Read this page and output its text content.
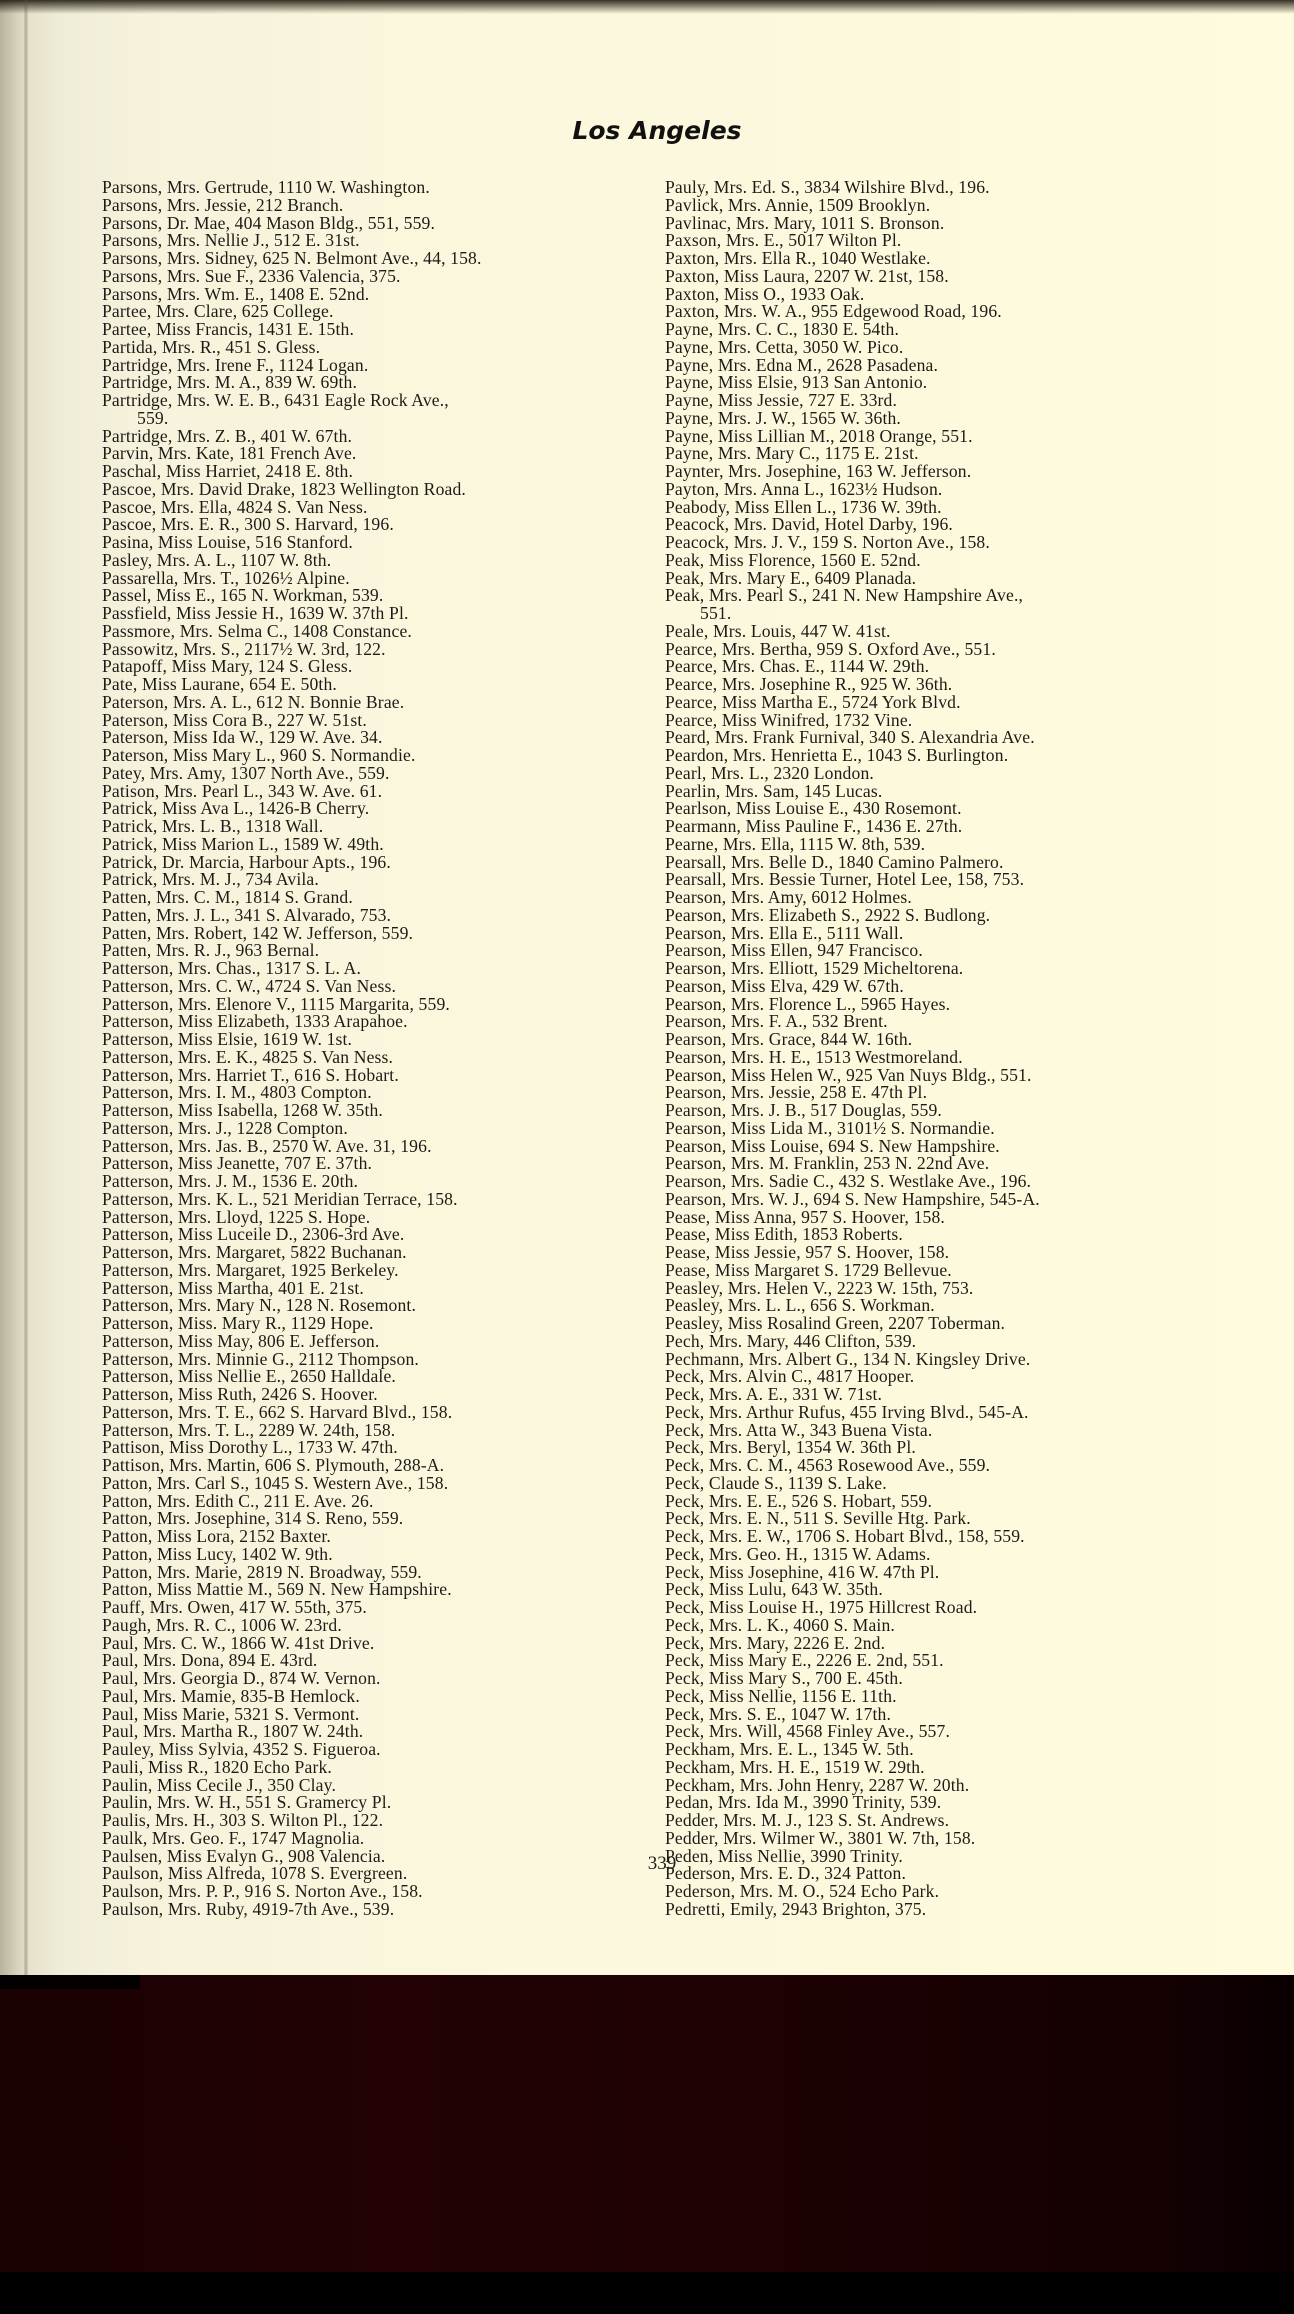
Los Angeles
Parsons, Mrs. Gertrude, 1110 W. Washington.
Parsons, Mrs. Jessie, 212 Branch.
Parsons, Dr. Mae, 404 Mason Bldg., 551, 559.
Parsons, Mrs. Nellie J., 512 E. 31st.
Parsons, Mrs. Sidney, 625 N. Belmont Ave., 44, 158.
Parsons, Mrs. Sue F., 2336 Valencia, 375.
Parsons, Mrs. Wm. E., 1408 E. 52nd.
Partee, Mrs. Clare, 625 College.
Partee, Miss Francis, 1431 E. 15th.
Partida, Mrs. R., 451 S. Gless.
Partridge, Mrs. Irene F., 1124 Logan.
Partridge, Mrs. M. A., 839 W. 69th.
Partridge, Mrs. W. E. B., 6431 Eagle Rock Ave.,
559.
Partridge, Mrs. Z. B., 401 W. 67th.
Parvin, Mrs. Kate, 181 French Ave.
Paschal, Miss Harriet, 2418 E. 8th.
Pascoe, Mrs. David Drake, 1823 Wellington Road.
Pascoe, Mrs. Ella, 4824 S. Van Ness.
Pascoe, Mrs. E. R., 300 S. Harvard, 196.
Pasina, Miss Louise, 516 Stanford.
Pasley, Mrs. A. L., 1107 W. 8th.
Passarella, Mrs. T., 1026½ Alpine.
Passel, Miss E., 165 N. Workman, 539.
Passfield, Miss Jessie H., 1639 W. 37th Pl.
Passmore, Mrs. Selma C., 1408 Constance.
Passowitz, Mrs. S., 2117½ W. 3rd, 122.
Patapoff, Miss Mary, 124 S. Gless.
Pate, Miss Laurane, 654 E. 50th.
Paterson, Mrs. A. L., 612 N. Bonnie Brae.
Paterson, Miss Cora B., 227 W. 51st.
Paterson, Miss Ida W., 129 W. Ave. 34.
Paterson, Miss Mary L., 960 S. Normandie.
Patey, Mrs. Amy, 1307 North Ave., 559.
Patison, Mrs. Pearl L., 343 W. Ave. 61.
Patrick, Miss Ava L., 1426-B Cherry.
Patrick, Mrs. L. B., 1318 Wall.
Patrick, Miss Marion L., 1589 W. 49th.
Patrick, Dr. Marcia, Harbour Apts., 196.
Patrick, Mrs. M. J., 734 Avila.
Patten, Mrs. C. M., 1814 S. Grand.
Patten, Mrs. J. L., 341 S. Alvarado, 753.
Patten, Mrs. Robert, 142 W. Jefferson, 559.
Patten, Mrs. R. J., 963 Bernal.
Patterson, Mrs. Chas., 1317 S. L. A.
Patterson, Mrs. C. W., 4724 S. Van Ness.
Patterson, Mrs. Elenore V., 1115 Margarita, 559.
Patterson, Miss Elizabeth, 1333 Arapahoe.
Patterson, Miss Elsie, 1619 W. 1st.
Patterson, Mrs. E. K., 4825 S. Van Ness.
Patterson, Mrs. Harriet T., 616 S. Hobart.
Patterson, Mrs. I. M., 4803 Compton.
Patterson, Miss Isabella, 1268 W. 35th.
Patterson, Mrs. J., 1228 Compton.
Patterson, Mrs. Jas. B., 2570 W. Ave. 31, 196.
Patterson, Miss Jeanette, 707 E. 37th.
Patterson, Mrs. J. M., 1536 E. 20th.
Patterson, Mrs. K. L., 521 Meridian Terrace, 158.
Patterson, Mrs. Lloyd, 1225 S. Hope.
Patterson, Miss Luceile D., 2306-3rd Ave.
Patterson, Mrs. Margaret, 5822 Buchanan.
Patterson, Mrs. Margaret, 1925 Berkeley.
Patterson, Miss Martha, 401 E. 21st.
Patterson, Mrs. Mary N., 128 N. Rosemont.
Patterson, Miss. Mary R., 1129 Hope.
Patterson, Miss May, 806 E. Jefferson.
Patterson, Mrs. Minnie G., 2112 Thompson.
Patterson, Miss Nellie E., 2650 Halldale.
Patterson, Miss Ruth, 2426 S. Hoover.
Patterson, Mrs. T. E., 662 S. Harvard Blvd., 158.
Patterson, Mrs. T. L., 2289 W. 24th, 158.
Pattison, Miss Dorothy L., 1733 W. 47th.
Pattison, Mrs. Martin, 606 S. Plymouth, 288-A.
Patton, Mrs. Carl S., 1045 S. Western Ave., 158.
Patton, Mrs. Edith C., 211 E. Ave. 26.
Patton, Mrs. Josephine, 314 S. Reno, 559.
Patton, Miss Lora, 2152 Baxter.
Patton, Miss Lucy, 1402 W. 9th.
Patton, Mrs. Marie, 2819 N. Broadway, 559.
Patton, Miss Mattie M., 569 N. New Hampshire.
Pauff, Mrs. Owen, 417 W. 55th, 375.
Paugh, Mrs. R. C., 1006 W. 23rd.
Paul, Mrs. C. W., 1866 W. 41st Drive.
Paul, Mrs. Dona, 894 E. 43rd.
Paul, Mrs. Georgia D., 874 W. Vernon.
Paul, Mrs. Mamie, 835-B Hemlock.
Paul, Miss Marie, 5321 S. Vermont.
Paul, Mrs. Martha R., 1807 W. 24th.
Pauley, Miss Sylvia, 4352 S. Figueroa.
Pauli, Miss R., 1820 Echo Park.
Paulin, Miss Cecile J., 350 Clay.
Paulin, Mrs. W. H., 551 S. Gramercy Pl.
Paulis, Mrs. H., 303 S. Wilton Pl., 122.
Paulk, Mrs. Geo. F., 1747 Magnolia.
Paulsen, Miss Evalyn G., 908 Valencia.
Paulson, Miss Alfreda, 1078 S. Evergreen.
Paulson, Mrs. P. P., 916 S. Norton Ave., 158.
Paulson, Mrs. Ruby, 4919-7th Ave., 539.
Pauly, Mrs. Ed. S., 3834 Wilshire Blvd., 196.
Pavlick, Mrs. Annie, 1509 Brooklyn.
Pavlinac, Mrs. Mary, 1011 S. Bronson.
Paxson, Mrs. E., 5017 Wilton Pl.
Paxton, Mrs. Ella R., 1040 Westlake.
Paxton, Miss Laura, 2207 W. 21st, 158.
Paxton, Miss O., 1933 Oak.
Paxton, Mrs. W. A., 955 Edgewood Road, 196.
Payne, Mrs. C. C., 1830 E. 54th.
Payne, Mrs. Cetta, 3050 W. Pico.
Payne, Mrs. Edna M., 2628 Pasadena.
Payne, Miss Elsie, 913 San Antonio.
Payne, Miss Jessie, 727 E. 33rd.
Payne, Mrs. J. W., 1565 W. 36th.
Payne, Miss Lillian M., 2018 Orange, 551.
Payne, Mrs. Mary C., 1175 E. 21st.
Paynter, Mrs. Josephine, 163 W. Jefferson.
Payton, Mrs. Anna L., 1623½ Hudson.
Peabody, Miss Ellen L., 1736 W. 39th.
Peacock, Mrs. David, Hotel Darby, 196.
Peacock, Mrs. J. V., 159 S. Norton Ave., 158.
Peak, Miss Florence, 1560 E. 52nd.
Peak, Mrs. Mary E., 6409 Planada.
Peak, Mrs. Pearl S., 241 N. New Hampshire Ave.,
551.
Peale, Mrs. Louis, 447 W. 41st.
Pearce, Mrs. Bertha, 959 S. Oxford Ave., 551.
Pearce, Mrs. Chas. E., 1144 W. 29th.
Pearce, Mrs. Josephine R., 925 W. 36th.
Pearce, Miss Martha E., 5724 York Blvd.
Pearce, Miss Winifred, 1732 Vine.
Peard, Mrs. Frank Furnival, 340 S. Alexandria Ave.
Peardon, Mrs. Henrietta E., 1043 S. Burlington.
Pearl, Mrs. L., 2320 London.
Pearlin, Mrs. Sam, 145 Lucas.
Pearlson, Miss Louise E., 430 Rosemont.
Pearmann, Miss Pauline F., 1436 E. 27th.
Pearne, Mrs. Ella, 1115 W. 8th, 539.
Pearsall, Mrs. Belle D., 1840 Camino Palmero.
Pearsall, Mrs. Bessie Turner, Hotel Lee, 158, 753.
Pearson, Mrs. Amy, 6012 Holmes.
Pearson, Mrs. Elizabeth S., 2922 S. Budlong.
Pearson, Mrs. Ella E., 5111 Wall.
Pearson, Miss Ellen, 947 Francisco.
Pearson, Mrs. Elliott, 1529 Micheltorena.
Pearson, Miss Elva, 429 W. 67th.
Pearson, Mrs. Florence L., 5965 Hayes.
Pearson, Mrs. F. A., 532 Brent.
Pearson, Mrs. Grace, 844 W. 16th.
Pearson, Mrs. H. E., 1513 Westmoreland.
Pearson, Miss Helen W., 925 Van Nuys Bldg., 551.
Pearson, Mrs. Jessie, 258 E. 47th Pl.
Pearson, Mrs. J. B., 517 Douglas, 559.
Pearson, Miss Lida M., 3101½ S. Normandie.
Pearson, Miss Louise, 694 S. New Hampshire.
Pearson, Mrs. M. Franklin, 253 N. 22nd Ave.
Pearson, Mrs. Sadie C., 432 S. Westlake Ave., 196.
Pearson, Mrs. W. J., 694 S. New Hampshire, 545-A.
Pease, Miss Anna, 957 S. Hoover, 158.
Pease, Miss Edith, 1853 Roberts.
Pease, Miss Jessie, 957 S. Hoover, 158.
Pease, Miss Margaret S. 1729 Bellevue.
Peasley, Mrs. Helen V., 2223 W. 15th, 753.
Peasley, Mrs. L. L., 656 S. Workman.
Peasley, Miss Rosalind Green, 2207 Toberman.
Pech, Mrs. Mary, 446 Clifton, 539.
Pechmann, Mrs. Albert G., 134 N. Kingsley Drive.
Peck, Mrs. Alvin C., 4817 Hooper.
Peck, Mrs. A. E., 331 W. 71st.
Peck, Mrs. Arthur Rufus, 455 Irving Blvd., 545-A.
Peck, Mrs. Atta W., 343 Buena Vista.
Peck, Mrs. Beryl, 1354 W. 36th Pl.
Peck, Mrs. C. M., 4563 Rosewood Ave., 559.
Peck, Claude S., 1139 S. Lake.
Peck, Mrs. E. E., 526 S. Hobart, 559.
Peck, Mrs. E. N., 511 S. Seville Htg. Park.
Peck, Mrs. E. W., 1706 S. Hobart Blvd., 158, 559.
Peck, Mrs. Geo. H., 1315 W. Adams.
Peck, Miss Josephine, 416 W. 47th Pl.
Peck, Miss Lulu, 643 W. 35th.
Peck, Miss Louise H., 1975 Hillcrest Road.
Peck, Mrs. L. K., 4060 S. Main.
Peck, Mrs. Mary, 2226 E. 2nd.
Peck, Miss Mary E., 2226 E. 2nd, 551.
Peck, Miss Mary S., 700 E. 45th.
Peck, Miss Nellie, 1156 E. 11th.
Peck, Mrs. S. E., 1047 W. 17th.
Peck, Mrs. Will, 4568 Finley Ave., 557.
Peckham, Mrs. E. L., 1345 W. 5th.
Peckham, Mrs. H. E., 1519 W. 29th.
Peckham, Mrs. John Henry, 2287 W. 20th.
Pedan, Mrs. Ida M., 3990 Trinity, 539.
Pedder, Mrs. M. J., 123 S. St. Andrews.
Pedder, Mrs. Wilmer W., 3801 W. 7th, 158.
Peden, Miss Nellie, 3990 Trinity.
Pederson, Mrs. E. D., 324 Patton.
Pederson, Mrs. M. O., 524 Echo Park.
Pedretti, Emily, 2943 Brighton, 375.
339
